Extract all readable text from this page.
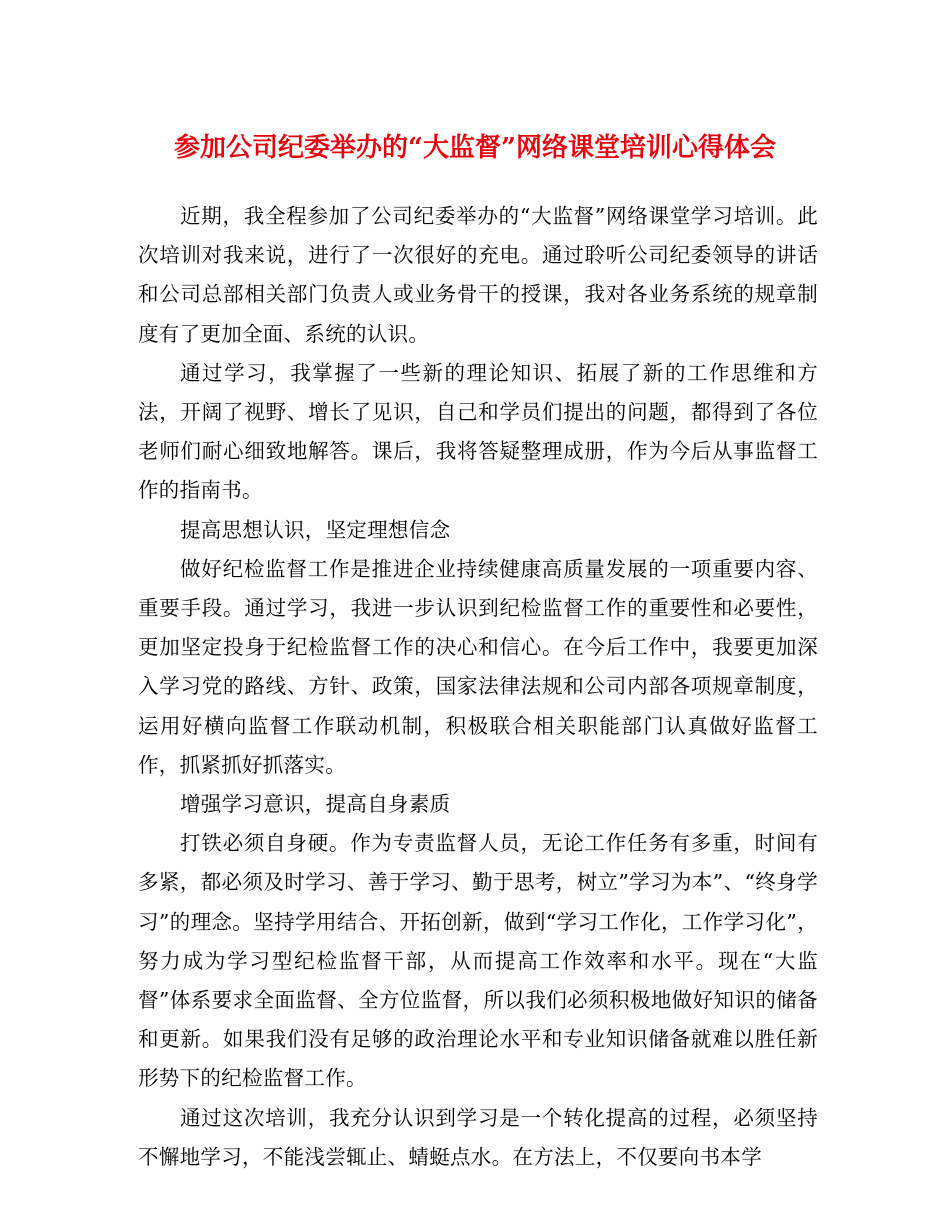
参加公司纪委举办的“大监督”网络课堂培训心得体会

近期，我全程参加了公司纪委举办的“大监督”网络课堂学习培训。此次培训对我来说，进行了一次很好的充电。通过聆听公司纪委领导的讲话和公司总部相关部门负责人或业务骨干的授课，我对各业务系统的规章制度有了更加全面、系统的认识。

通过学习，我掌握了一些新的理论知识、拓展了新的工作思维和方法，开阔了视野、增长了见识，自己和学员们提出的问题，都得到了各位老师们耐心细致地解答。课后，我将答疑整理成册，作为今后从事监督工作的指南书。

提高思想认识，坚定理想信念

做好纪检监督工作是推进企业持续健康高质量发展的一项重要内容、重要手段。通过学习，我进一步认识到纪检监督工作的重要性和必要性，更加坚定投身于纪检监督工作的决心和信心。在今后工作中，我要更加深入学习党的路线、方针、政策，国家法律法规和公司内部各项规章制度，运用好横向监督工作联动机制，积极联合相关职能部门认真做好监督工作，抓紧抓好抓落实。

增强学习意识，提高自身素质

打铁必须自身硬。作为专责监督人员，无论工作任务有多重，时间有多紧，都必须及时学习、善于学习、勤于思考，树立”学习为本”、“终身学习”的理念。坚持学用结合、开拓创新，做到“学习工作化，工作学习化”，努力成为学习型纪检监督干部，从而提高工作效率和水平。现在“大监督”体系要求全面监督、全方位监督，所以我们必须积极地做好知识的储备和更新。如果我们没有足够的政治理论水平和专业知识储备就难以胜任新形势下的纪检监督工作。

通过这次培训，我充分认识到学习是一个转化提高的过程，必须坚持不懈地学习，不能浅尝辄止、蜻蜓点水。在方法上，不仅要向书本学
